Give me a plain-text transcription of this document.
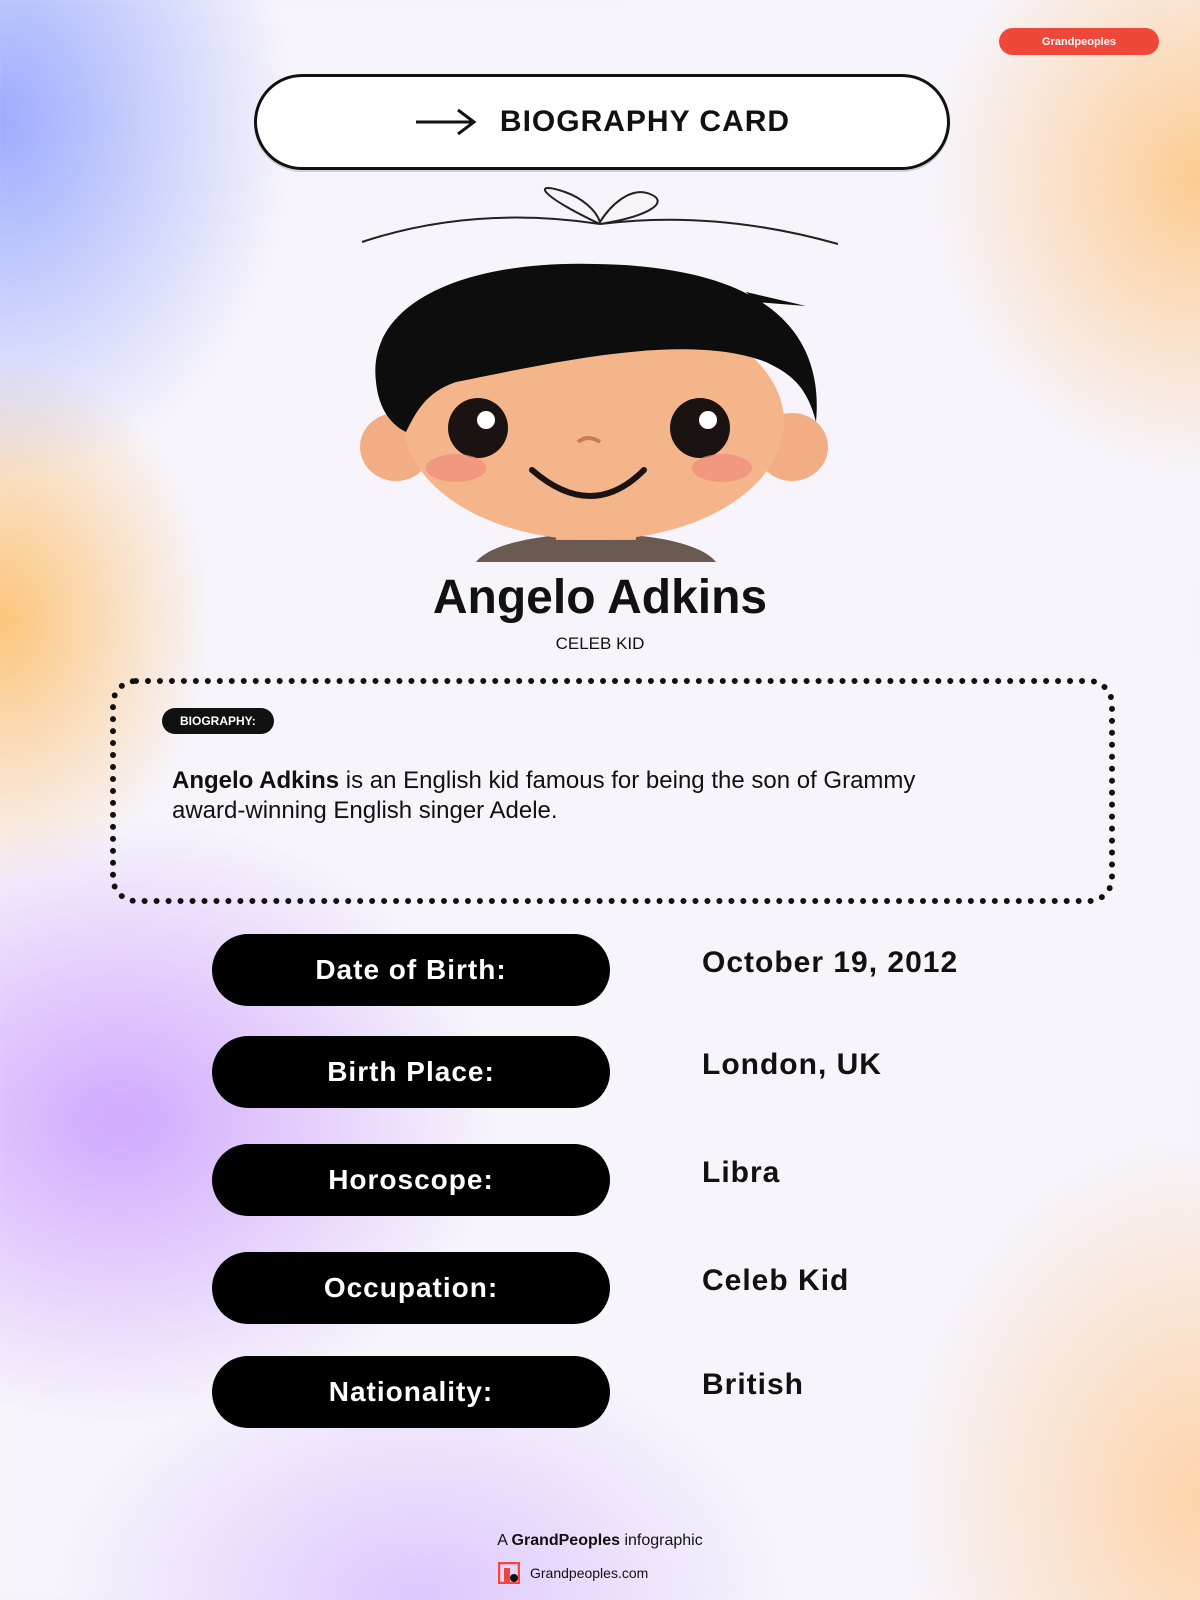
Grandpeoples
BIOGRAPHY CARD
Angelo Adkins
CELEB KID
BIOGRAPHY:
Angelo Adkins is an English kid famous for being the son of Grammy award-winning English singer Adele.
Date of Birth:	October 19, 2012
Birth Place:	London, UK
Horoscope:	Libra
Occupation:	Celeb Kid
Nationality:	British
A GrandPeoples infographic
Grandpeoples.com
